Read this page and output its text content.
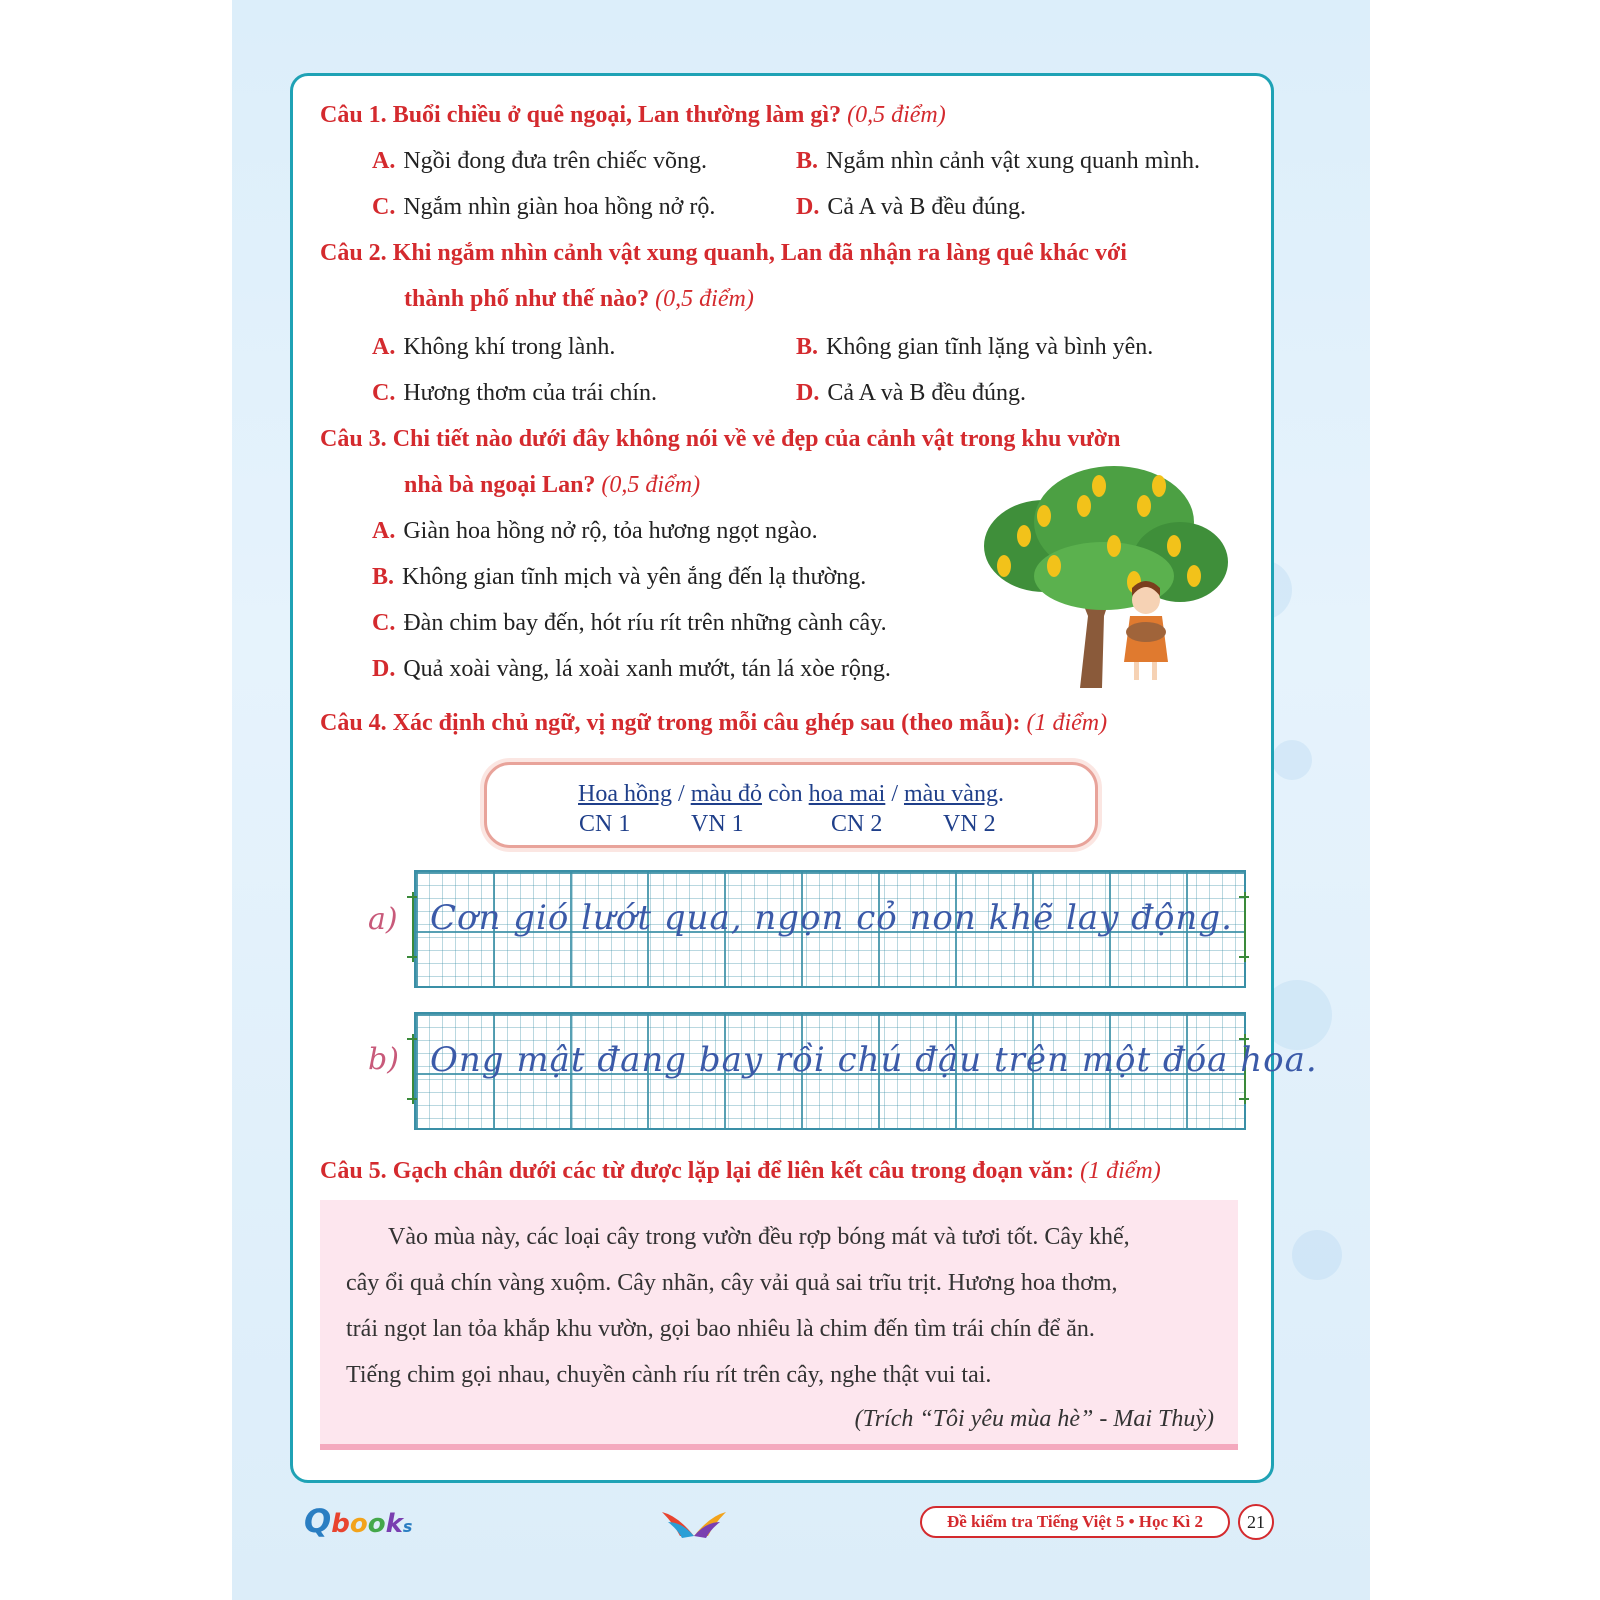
Câu 1. Buổi chiều ở quê ngoại, Lan thường làm gì? (0,5 điểm)
A. Ngồi đong đưa trên chiếc võng.	B. Ngắm nhìn cảnh vật xung quanh mình.
C. Ngắm nhìn giàn hoa hồng nở rộ.	D. Cả A và B đều đúng.
Câu 2. Khi ngắm nhìn cảnh vật xung quanh, Lan đã nhận ra làng quê khác với
thành phố như thế nào? (0,5 điểm)
A. Không khí trong lành.	B. Không gian tĩnh lặng và bình yên.
C. Hương thơm của trái chín.	D. Cả A và B đều đúng.
Câu 3. Chi tiết nào dưới đây không nói về vẻ đẹp của cảnh vật trong khu vườn
nhà bà ngoại Lan? (0,5 điểm)
A. Giàn hoa hồng nở rộ, tỏa hương ngọt ngào.
B. Không gian tĩnh mịch và yên ắng đến lạ thường.
C. Đàn chim bay đến, hót ríu rít trên những cành cây.
D. Quả xoài vàng, lá xoài xanh mướt, tán lá xòe rộng.
Câu 4. Xác định chủ ngữ, vị ngữ trong mỗi câu ghép sau (theo mẫu): (1 điểm)
Hoa hồng / màu đỏ còn hoa mai / màu vàng.
CN 1	VN 1	CN 2	VN 2
a) Cơn gió lướt qua, ngọn cỏ non khẽ lay động.
b) Ong mật đang bay rồi chú đậu trên một đóa hoa.
Câu 5. Gạch chân dưới các từ được lặp lại để liên kết câu trong đoạn văn: (1 điểm)
Vào mùa này, các loại cây trong vườn đều rợp bóng mát và tươi tốt. Cây khế,
cây ổi quả chín vàng xuộm. Cây nhãn, cây vải quả sai trĩu trịt. Hương hoa thơm,
trái ngọt lan tỏa khắp khu vườn, gọi bao nhiêu là chim đến tìm trái chín để ăn.
Tiếng chim gọi nhau, chuyền cành ríu rít trên cây, nghe thật vui tai.
(Trích “Tôi yêu mùa hè” - Mai Thuỳ)
Qbooks	Đề kiểm tra Tiếng Việt 5 • Học Kì 2	21
